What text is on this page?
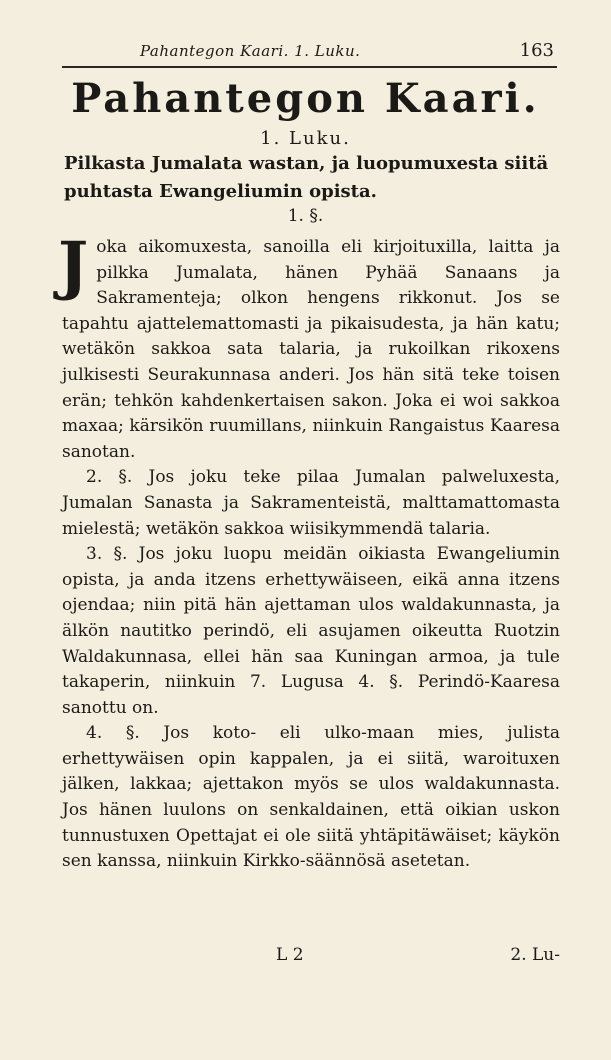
Pahantegon Kaari. 1. Luku.	163
Pahantegon Kaari.
1. Luku.
Pilkasta Jumalata wastan, ja luopumuxesta siitä puhtasta Ewangeliumin opista.
1. §.

J oka aikomuxesta, sanoilla eli kirjoituxilla, laitta ja pilkka Jumalata, hänen Pyhää Sanaans ja Sakramenteja; olkon hengens rikkonut. Jos se tapahtu ajattelemattomasti ja pikaisudesta, ja hän katu; wetäkön sakkoa sata talaria, ja rukoilkan rikoxens julkisesti Seurakunnasa anderi. Jos hän sitä teke toisen erän; tehkön kahdenkertaisen sakon. Joka ei woi sakkoa maxaa; kärsikön ruumillans, niinkuin Rangaistus Kaaresa sanotan.

2. §. Jos joku teke pilaa Jumalan palweluxesta, Jumalan Sanasta ja Sakramenteistä, malttamattomasta mielestä; wetäkön sakkoa wiisikymmendä talaria.

3. §. Jos joku luopu meidän oikiasta Ewangeliumin opista, ja anda itzens erhettywäiseen, eikä anna itzens ojendaa; niin pitä hän ajettaman ulos waldakunnasta, ja älkön nautitko perindö, eli asujamen oikeutta Ruotzin Waldakunnasa, ellei hän saa Kuningan armoa, ja tule takaperin, niinkuin 7. Lugusa 4. §. Perindö-Kaaresa sanottu on.

4. §. Jos koto- eli ulko-maan mies, julista erhettywäisen opin kappalen, ja ei siitä, waroituxen jälken, lakkaa; ajettakon myös se ulos waldakunnasta. Jos hänen luulons on senkaldainen, että oikian uskon tunnustuxen Opettajat ei ole siitä yhtäpitäwäiset; käykön sen kanssa, niinkuin Kirkko-säännösä asetetan.

L 2	2. Lu-
